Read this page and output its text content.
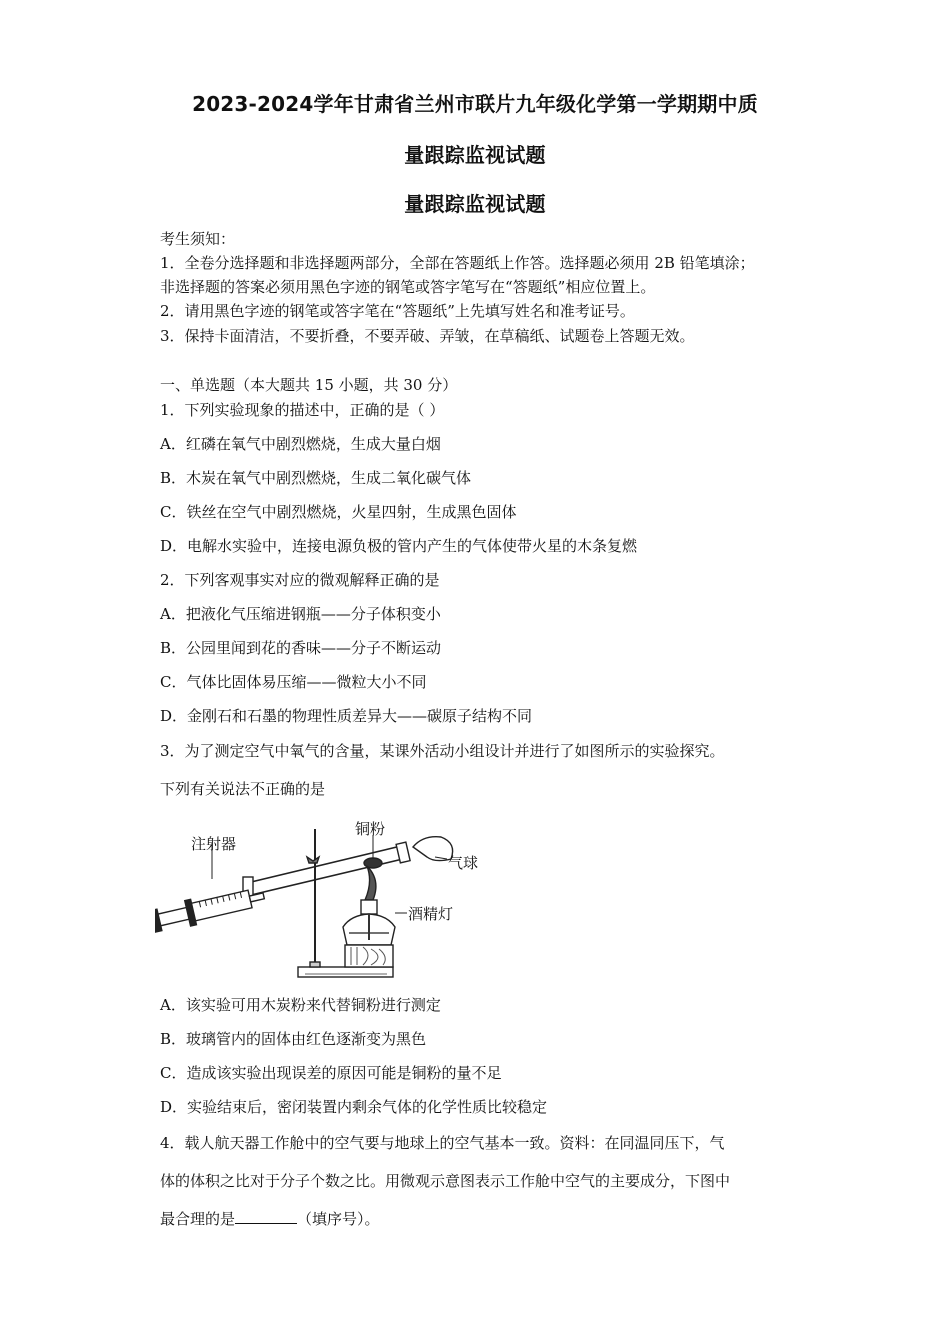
2023-2024学年甘肃省兰州市联片九年级化学第一学期期中质
量跟踪监视试题
量跟踪监视试题
考生须知：
1．全卷分选择题和非选择题两部分，全部在答题纸上作答。选择题必须用 2B 铅笔填涂；
非选择题的答案必须用黑色字迹的钢笔或答字笔写在“答题纸”相应位置上。
2．请用黑色字迹的钢笔或答字笔在“答题纸”上先填写姓名和准考证号。
3．保持卡面清洁，不要折叠，不要弄破、弄皱，在草稿纸、试题卷上答题无效。
一、单选题（本大题共 15 小题，共 30 分）
1．下列实验现象的描述中，正确的是（ ）
A．红磷在氧气中剧烈燃烧，生成大量白烟
B．木炭在氧气中剧烈燃烧，生成二氧化碳气体
C．铁丝在空气中剧烈燃烧，火星四射，生成黑色固体
D．电解水实验中，连接电源负极的管内产生的气体使带火星的木条复燃
2．下列客观事实对应的微观解释正确的是
A．把液化气压缩进钢瓶——分子体积变小
B．公园里闻到花的香味——分子不断运动
C．气体比固体易压缩——微粒大小不同
D．金刚石和石墨的物理性质差异大——碳原子结构不同
3．为了测定空气中氧气的含量，某课外活动小组设计并进行了如图所示的实验探究。
下列有关说法不正确的是
注射器
铜粉
气球
酒精灯
A．该实验可用木炭粉来代替铜粉进行测定
B．玻璃管内的固体由红色逐渐变为黑色
C．造成该实验出现误差的原因可能是铜粉的量不足
D．实验结束后，密闭装置内剩余气体的化学性质比较稳定
4．载人航天器工作舱中的空气要与地球上的空气基本一致。资料：在同温同压下，气
体的体积之比对于分子个数之比。用微观示意图表示工作舱中空气的主要成分，下图中
最合理的是	（填序号）。
